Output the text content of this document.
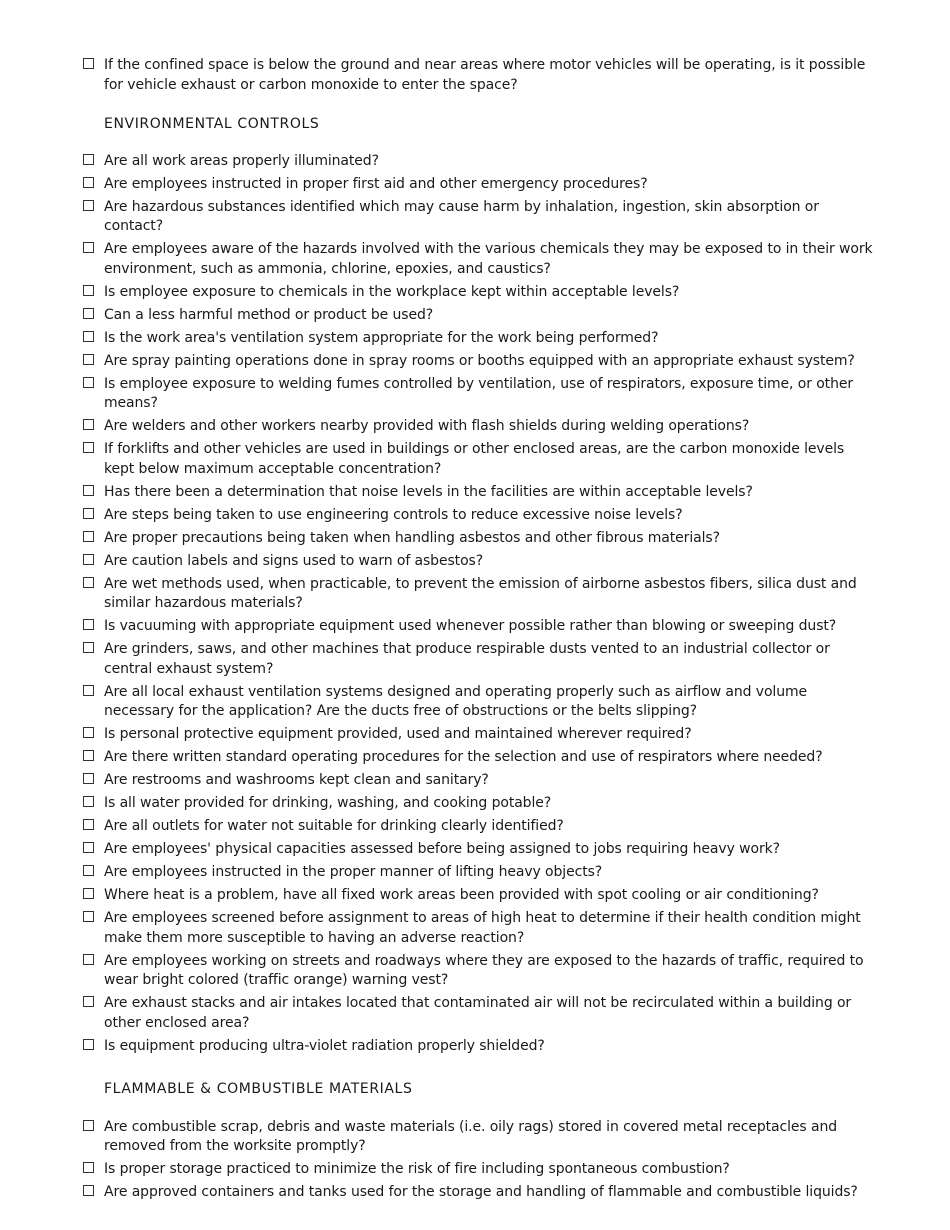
If the confined space is below the ground and near areas where motor vehicles will be operating, is it possible for vehicle exhaust or carbon monoxide to enter the space?
ENVIRONMENTAL CONTROLS
Are all work areas properly illuminated?
Are employees instructed in proper first aid and other emergency procedures?
Are hazardous substances identified which may cause harm by inhalation, ingestion, skin absorption or contact?
Are employees aware of the hazards involved with the various chemicals they may be exposed to in their work environment, such as ammonia, chlorine, epoxies, and caustics?
Is employee exposure to chemicals in the workplace kept within acceptable levels?
Can a less harmful method or product be used?
Is the work area's ventilation system appropriate for the work being performed?
Are spray painting operations done in spray rooms or booths equipped with an appropriate exhaust system?
Is employee exposure to welding fumes controlled by ventilation, use of respirators, exposure time, or other means?
Are welders and other workers nearby provided with flash shields during welding operations?
If forklifts and other vehicles are used in buildings or other enclosed areas, are the carbon monoxide levels kept below maximum acceptable concentration?
Has there been a determination that noise levels in the facilities are within acceptable levels?
Are steps being taken to use engineering controls to reduce excessive noise levels?
Are proper precautions being taken when handling asbestos and other fibrous materials?
Are caution labels and signs used to warn of asbestos?
Are wet methods used, when practicable, to prevent the emission of airborne asbestos fibers, silica dust and similar hazardous materials?
Is vacuuming with appropriate equipment used whenever possible rather than blowing or sweeping dust?
Are grinders, saws, and other machines that produce respirable dusts vented to an industrial collector or central exhaust system?
Are all local exhaust ventilation systems designed and operating properly such as airflow and volume necessary for the application? Are the ducts free of obstructions or the belts slipping?
Is personal protective equipment provided, used and maintained wherever required?
Are there written standard operating procedures for the selection and use of respirators where needed?
Are restrooms and washrooms kept clean and sanitary?
Is all water provided for drinking, washing, and cooking potable?
Are all outlets for water not suitable for drinking clearly identified?
Are employees' physical capacities assessed before being assigned to jobs requiring heavy work?
Are employees instructed in the proper manner of lifting heavy objects?
Where heat is a problem, have all fixed work areas been provided with spot cooling or air conditioning?
Are employees screened before assignment to areas of high heat to determine if their health condition might make them more susceptible to having an adverse reaction?
Are employees working on streets and roadways where they are exposed to the hazards of traffic, required to wear bright colored (traffic orange) warning vest?
Are exhaust stacks and air intakes located that contaminated air will not be recirculated within a building or other enclosed area?
Is equipment producing ultra-violet radiation properly shielded?
FLAMMABLE & COMBUSTIBLE MATERIALS
Are combustible scrap, debris and waste materials (i.e. oily rags) stored in covered metal receptacles and removed from the worksite promptly?
Is proper storage practiced to minimize the risk of fire including spontaneous combustion?
Are approved containers and tanks used for the storage and handling of flammable and combustible liquids?
